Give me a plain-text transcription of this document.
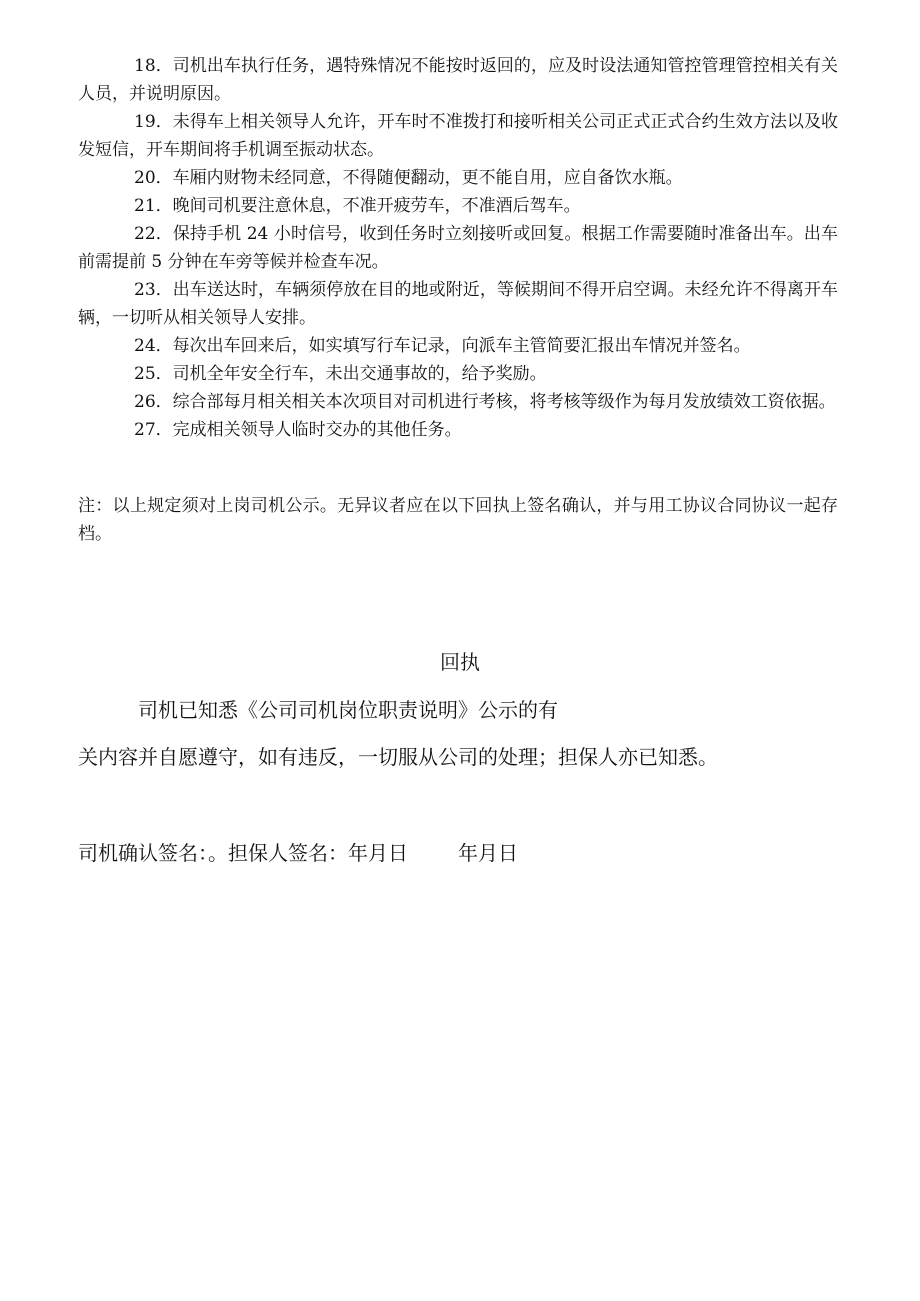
18．司机出车执行任务，遇特殊情况不能按时返回的，应及时设法通知管控管理管控相关有关人员，并说明原因。

19．未得车上相关领导人允许，开车时不准拨打和接听相关公司正式正式合约生效方法以及收发短信，开车期间将手机调至振动状态。

20．车厢内财物未经同意，不得随便翻动，更不能自用，应自备饮水瓶。

21．晚间司机要注意休息，不准开疲劳车，不准酒后驾车。

22．保持手机 24 小时信号，收到任务时立刻接听或回复。根据工作需要随时准备出车。出车前需提前 5 分钟在车旁等候并检查车况。

23．出车送达时，车辆须停放在目的地或附近，等候期间不得开启空调。未经允许不得离开车辆，一切听从相关领导人安排。

24．每次出车回来后，如实填写行车记录，向派车主管简要汇报出车情况并签名。

25．司机全年安全行车，未出交通事故的，给予奖励。

26．综合部每月相关相关本次项目对司机进行考核，将考核等级作为每月发放绩效工资依据。

27．完成相关领导人临时交办的其他任务。

注：以上规定须对上岗司机公示。无异议者应在以下回执上签名确认，并与用工协议合同协议一起存档。

回执

司机已知悉《公司司机岗位职责说明》公示的有

关内容并自愿遵守，如有违反，一切服从公司的处理；担保人亦已知悉。

司机确认签名：。担保人签名：年月日	年月日
